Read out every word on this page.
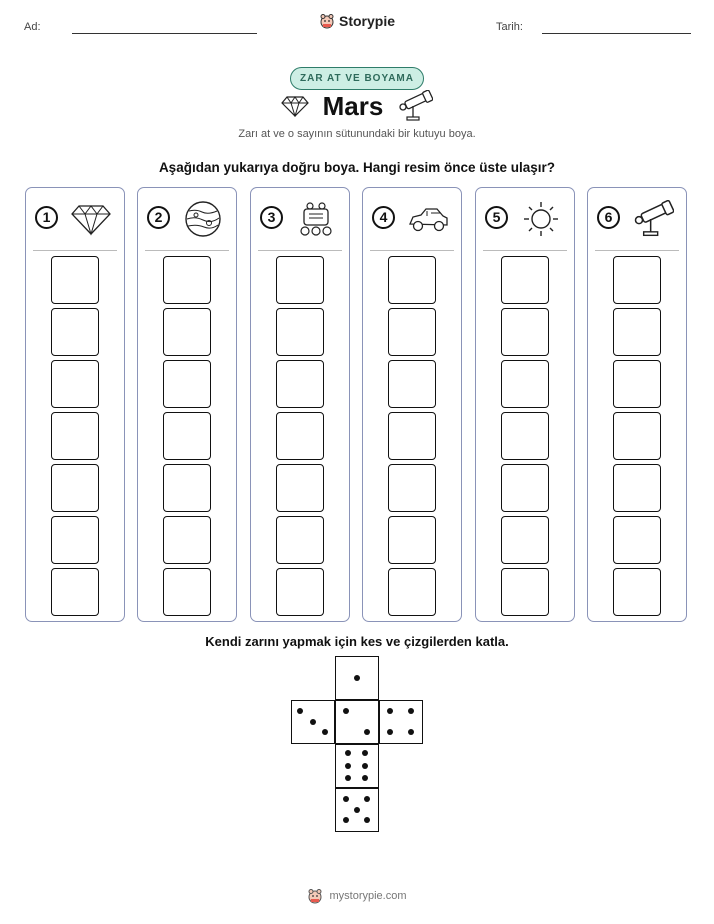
Ad:	Storypie	Tarih:
ZAR AT VE BOYAMA
Mars
Zarı at ve o sayının sütunundaki bir kutuyu boya.
Aşağıdan yukarıya doğru boya. Hangi resim önce üste ulaşır?
1	2	3	4	5	6
Kendi zarını yapmak için kes ve çizgilerden katla.
mystorypie.com
